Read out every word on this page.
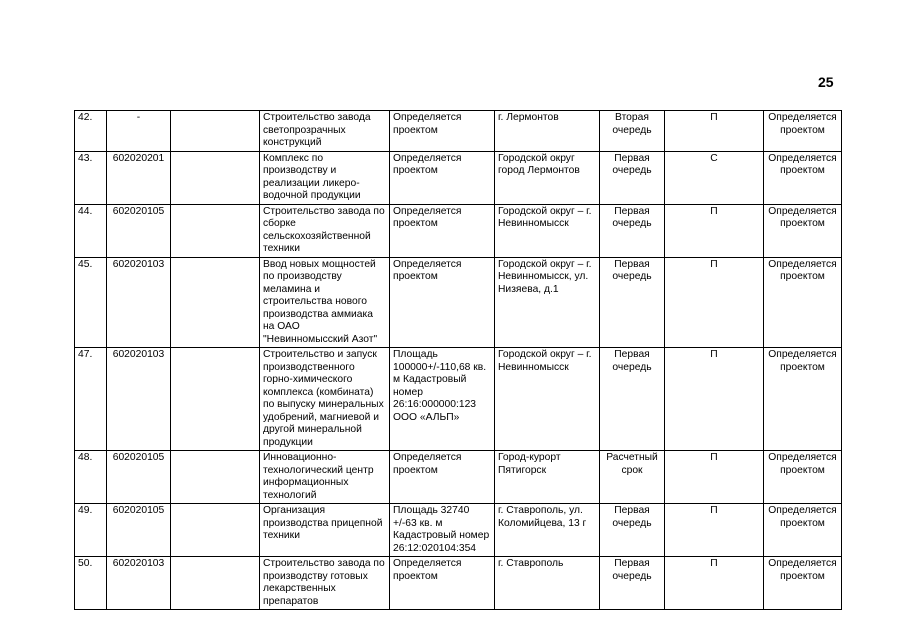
25
42.	-		Строительство завода светопрозрачных конструкций	Определяется проектом	г. Лермонтов	Вторая очередь	П	Определяется проектом
43.	602020201		Комплекс по производству и реализации ликеро-водочной продукции	Определяется проектом	Городской округ город Лермонтов	Первая очередь	С	Определяется проектом
44.	602020105		Строительство завода по сборке сельскохозяйственной техники	Определяется проектом	Городской округ – г. Невинномысск	Первая очередь	П	Определяется проектом
45.	602020103		Ввод новых мощностей по производству меламина и строительства нового производства аммиака на ОАО "Невинномысский Азот"	Определяется проектом	Городской округ – г. Невинномысск, ул. Низяева, д.1	Первая очередь	П	Определяется проектом
47.	602020103		Строительство и запуск производственного горно-химического комплекса (комбината) по выпуску минеральных удобрений, магниевой и другой минеральной продукции	Площадь 100000+/-110,68 кв. м Кадастровый номер 26:16:000000:123 ООО «АЛЬП»	Городской округ – г. Невинномысск	Первая очередь	П	Определяется проектом
48.	602020105		Инновационно-технологический центр информационных технологий	Определяется проектом	Город-курорт Пятигорск	Расчетный срок	П	Определяется проектом
49.	602020105		Организация производства прицепной техники	Площадь 32740 +/-63 кв. м Кадастровый номер 26:12:020104:354	г. Ставрополь, ул. Коломийцева, 13 г	Первая очередь	П	Определяется проектом
50.	602020103		Строительство завода по производству готовых лекарственных препаратов	Определяется проектом	г. Ставрополь	Первая очередь	П	Определяется проектом
